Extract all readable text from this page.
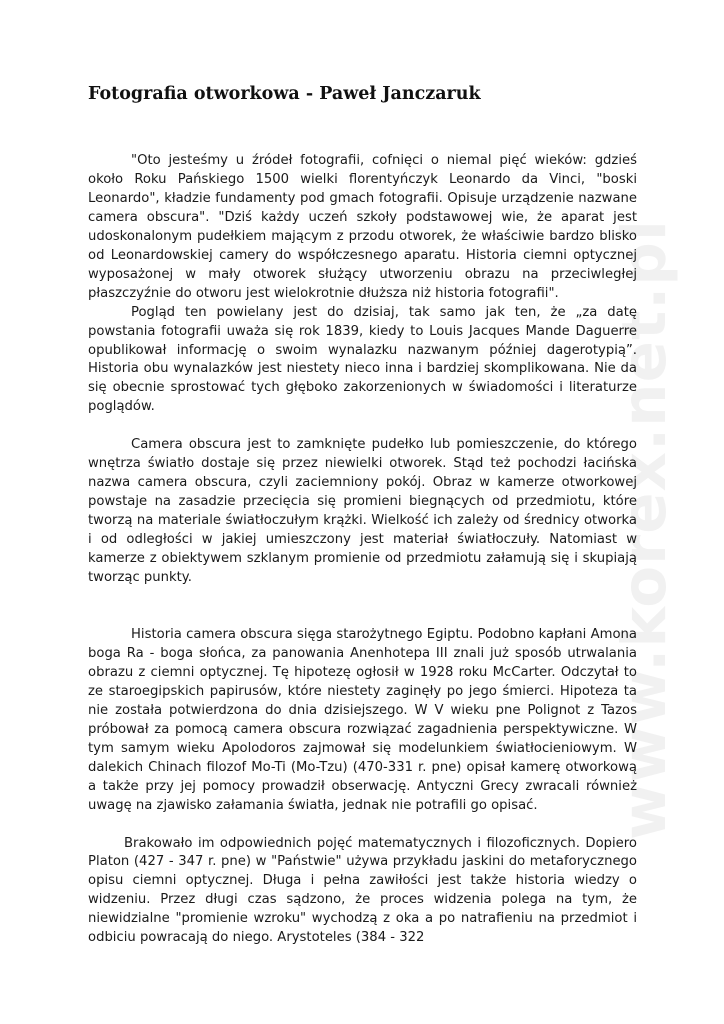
www.korex.net.pl
Fotografia otworkowa - Paweł Janczaruk

"Oto jesteśmy u źródeł fotografii, cofnięci o niemal pięć wieków: gdzieś około Roku Pańskiego 1500 wielki florentyńczyk Leonardo da Vinci, "boski Leonardo", kładzie fundamenty pod gmach fotografii. Opisuje urządzenie nazwane camera obscura". "Dziś każdy uczeń szkoły podstawowej wie, że aparat jest udoskonalonym pudełkiem mającym z przodu otworek, że właściwie bardzo blisko od Leonardowskiej camery do współczesnego aparatu. Historia ciemni optycznej wyposażonej w mały otworek służący utworzeniu obrazu na przeciwległej płaszczyźnie do otworu jest wielokrotnie dłuższa niż historia fotografii".

Pogląd ten powielany jest do dzisiaj, tak samo jak ten, że „za datę powstania fotografii uważa się rok 1839, kiedy to Louis Jacques Mande Daguerre opublikował informację o swoim wynalazku nazwanym później dagerotypią”. Historia obu wynalazków jest niestety nieco inna i bardziej skomplikowana. Nie da się obecnie sprostować tych głęboko zakorzenionych w świadomości i literaturze poglądów.

Camera obscura jest to zamknięte pudełko lub pomieszczenie, do którego wnętrza światło dostaje się przez niewielki otworek. Stąd też pochodzi łacińska nazwa camera obscura, czyli zaciemniony pokój. Obraz w kamerze otworkowej powstaje na zasadzie przecięcia się promieni biegnących od przedmiotu, które tworzą na materiale światłoczułym krążki. Wielkość ich zależy od średnicy otworka i od odległości w jakiej umieszczony jest materiał światłoczuły. Natomiast w kamerze z obiektywem szklanym promienie od przedmiotu załamują się i skupiają tworząc punkty.

Historia camera obscura sięga starożytnego Egiptu. Podobno kapłani Amona boga Ra - boga słońca, za panowania Anenhotepa III znali już sposób utrwalania obrazu z ciemni optycznej. Tę hipotezę ogłosił w 1928 roku McCarter. Odczytał to ze staroegipskich papirusów, które niestety zaginęły po jego śmierci. Hipoteza ta nie została potwierdzona do dnia dzisiejszego. W V wieku pne Polignot z Tazos próbował za pomocą camera obscura rozwiązać zagadnienia perspektywiczne. W tym samym wieku Apolodoros zajmował się modelunkiem światłocieniowym. W dalekich Chinach filozof Mo-Ti (Mo-Tzu) (470-331 r. pne) opisał kamerę otworkową a także przy jej pomocy prowadził obserwację. Antyczni Grecy zwracali również uwagę na zjawisko załamania światła, jednak nie potrafili go opisać.

Brakowało im odpowiednich pojęć matematycznych i filozoficznych. Dopiero Platon (427 - 347 r. pne) w "Państwie" używa przykładu jaskini do metaforycznego opisu ciemni optycznej. Długa i pełna zawiłości jest także historia wiedzy o widzeniu. Przez długi czas sądzono, że proces widzenia polega na tym, że niewidzialne "promienie wzroku" wychodzą z oka a po natrafieniu na przedmiot i odbiciu powracają do niego. Arystoteles (384 - 322
